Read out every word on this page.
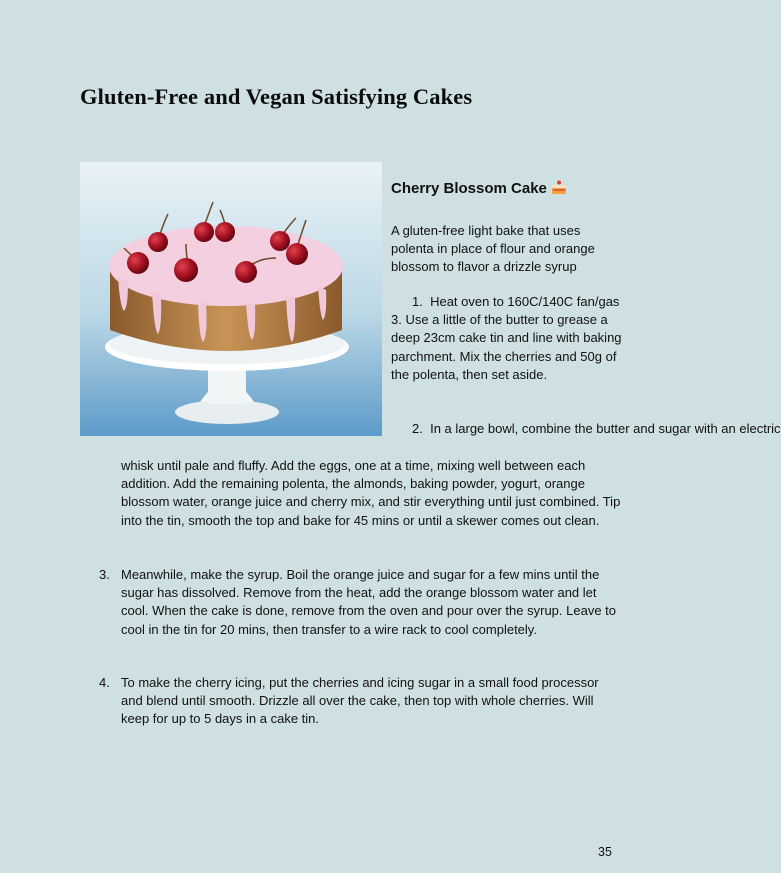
Gluten-Free and Vegan Satisfying Cakes
Cherry Blossom Cake

A gluten-free light bake that uses polenta in place of flour and orange blossom to flavor a drizzle syrup

1. Heat oven to 160C/140C fan/gas 3. Use a little of the butter to grease a deep 23cm cake tin and line with baking parchment. Mix the cherries and 50g of the polenta, then set aside.

2. In a large bowl, combine the butter and sugar with an electric

whisk until pale and fluffy. Add the eggs, one at a time, mixing well between each addition. Add the remaining polenta, the almonds, baking powder, yogurt, orange blossom water, orange juice and cherry mix, and stir everything until just combined. Tip into the tin, smooth the top and bake for 45 mins or until a skewer comes out clean.

3. Meanwhile, make the syrup. Boil the orange juice and sugar for a few mins until the sugar has dissolved. Remove from the heat, add the orange blossom water and let cool. When the cake is done, remove from the oven and pour over the syrup. Leave to cool in the tin for 20 mins, then transfer to a wire rack to cool completely.
4. To make the cherry icing, put the cherries and icing sugar in a small food processor and blend until smooth. Drizzle all over the cake, then top with whole cherries. Will keep for up to 5 days in a cake tin.
35
